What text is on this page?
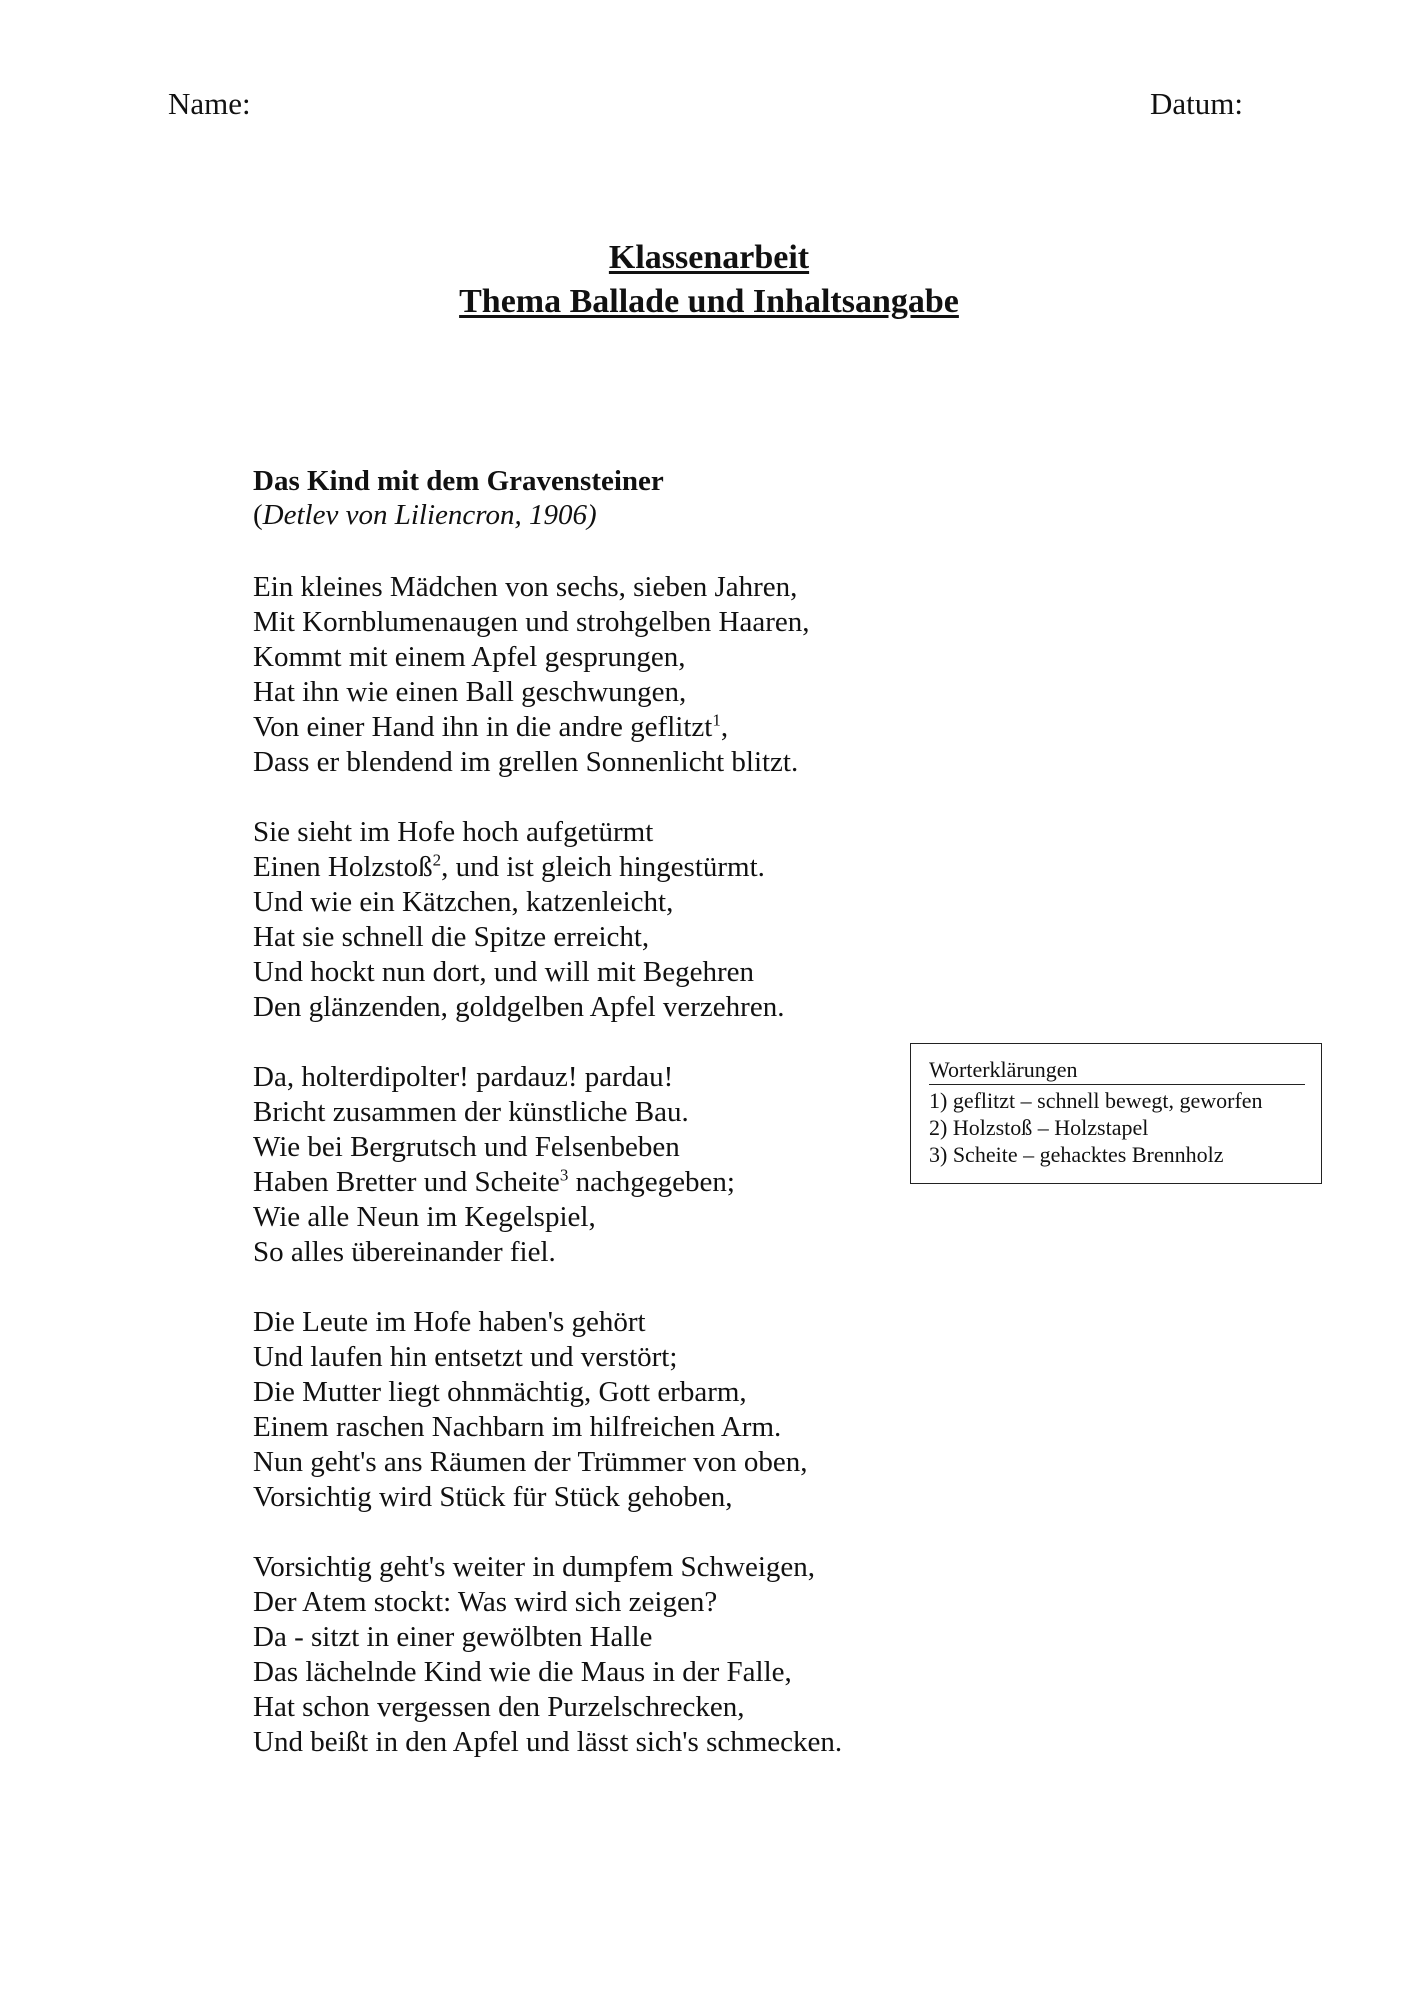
Name:	Datum:
Klassenarbeit
Thema Ballade und Inhaltsangabe
Das Kind mit dem Gravensteiner
(Detlev von Liliencron, 1906)
Ein kleines Mädchen von sechs, sieben Jahren,
Mit Kornblumenaugen und strohgelben Haaren,
Kommt mit einem Apfel gesprungen,
Hat ihn wie einen Ball geschwungen,
Von einer Hand ihn in die andre geflitzt$^1$,
Dass er blendend im grellen Sonnenlicht blitzt.
Sie sieht im Hofe hoch aufgetürmt
Einen Holzstoß$^2$, und ist gleich hingestürmt.
Und wie ein Kätzchen, katzenleicht,
Hat sie schnell die Spitze erreicht,
Und hockt nun dort, und will mit Begehren
Den glänzenden, goldgelben Apfel verzehren.
Da, holterdipolter! pardauz! pardau!
Bricht zusammen der künstliche Bau.
Wie bei Bergrutsch und Felsenbeben
Haben Bretter und Scheite$^3$ nachgegeben;
Wie alle Neun im Kegelspiel,
So alles übereinander fiel.
Die Leute im Hofe haben's gehört
Und laufen hin entsetzt und verstört;
Die Mutter liegt ohnmächtig, Gott erbarm,
Einem raschen Nachbarn im hilfreichen Arm.
Nun geht's ans Räumen der Trümmer von oben,
Vorsichtig wird Stück für Stück gehoben,
Vorsichtig geht's weiter in dumpfem Schweigen,
Der Atem stockt: Was wird sich zeigen?
Da - sitzt in einer gewölbten Halle
Das lächelnde Kind wie die Maus in der Falle,
Hat schon vergessen den Purzelschrecken,
Und beißt in den Apfel und lässt sich's schmecken.
Worterklärungen
1) geflitzt – schnell bewegt, geworfen
2) Holzstoß – Holzstapel
3) Scheite – gehacktes Brennholz
